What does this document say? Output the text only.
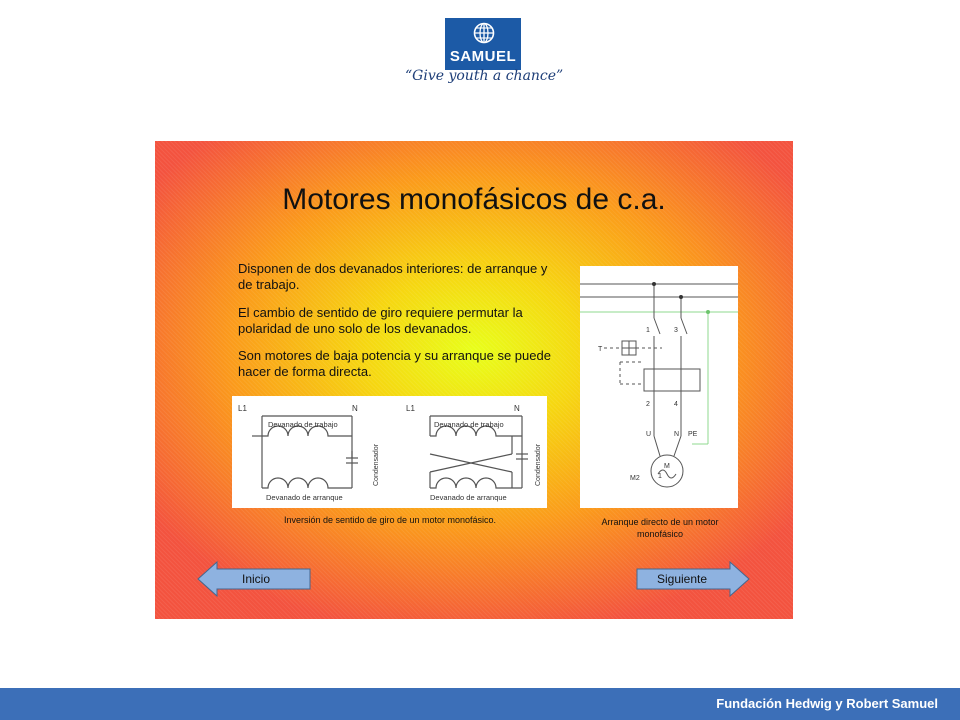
SAMUEL
“Give youth a chance”
Motores monofásicos de c.a.
Disponen de dos devanados interiores: de arranque y de trabajo.
El cambio de sentido de giro requiere permutar la polaridad de uno solo de los devanados.
Son motores de baja potencia y su arranque se puede hacer de forma directa.
L1	N
Devanado de trabajo
Devanado de arranque
Condensador
L1	N
Devanado de trabajo
Devanado de arranque
Condensador
Inversión de sentido de giro de un motor monofásico.
1	3
T
2	4
U	N PE
M2
M
1
Arranque directo de un motor monofásico
Inicio	Siguiente
Fundación Hedwig y Robert Samuel
